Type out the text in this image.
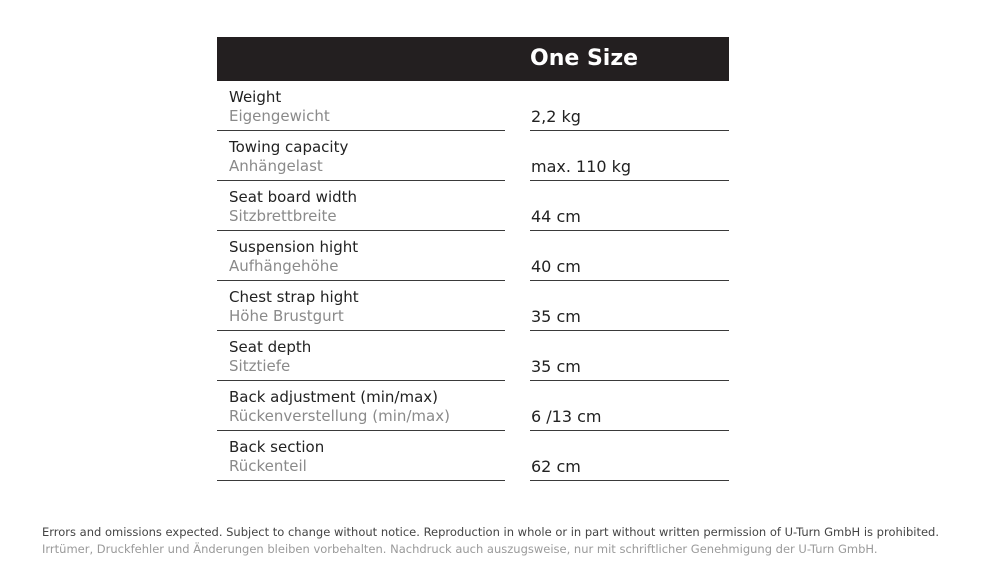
One Size
Weight
Eigengewicht	2,2 kg
Towing capacity
Anhängelast	max. 110 kg
Seat board width
Sitzbrettbreite	44 cm
Suspension hight
Aufhängehöhe	40 cm
Chest strap hight
Höhe Brustgurt	35 cm
Seat depth
Sitztiefe	35 cm
Back adjustment (min/max)
Rückenverstellung (min/max)	6 /13 cm
Back section
Rückenteil	62 cm
Errors and omissions expected. Subject to change without notice. Reproduction in whole or in part without written permission of U-Turn GmbH is prohibited.
Irrtümer, Druckfehler und Änderungen bleiben vorbehalten. Nachdruck auch auszugsweise, nur mit schriftlicher Genehmigung der U-Turn GmbH.
